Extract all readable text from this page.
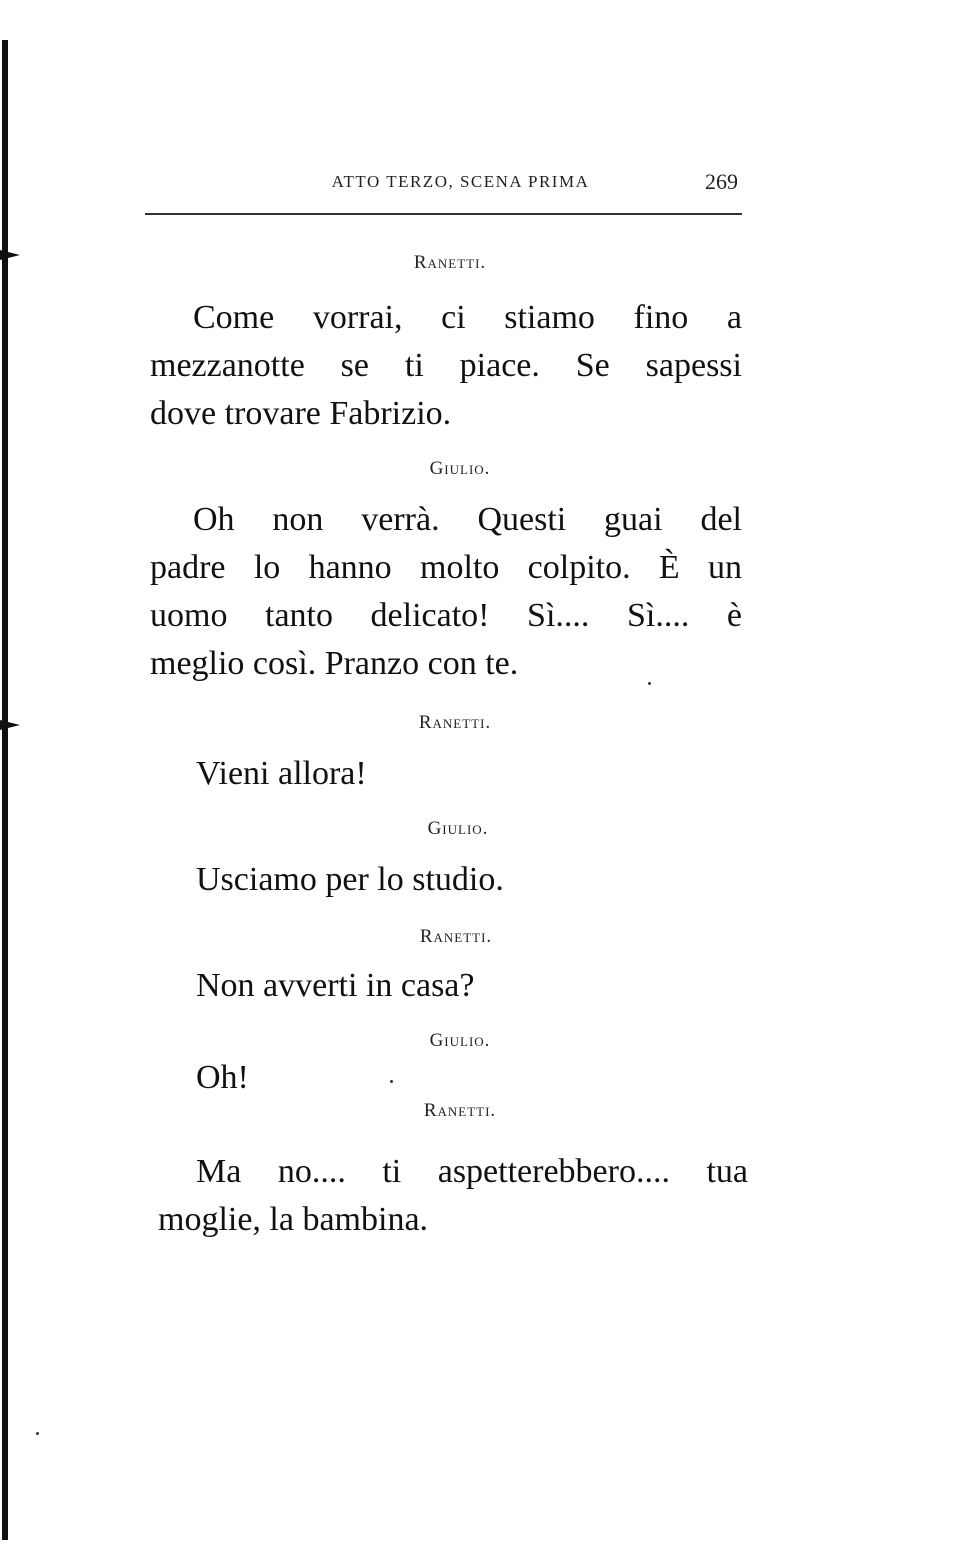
ATTO TERZO, SCENA PRIMA	269
Ranetti.
Come vorrai, ci stiamo fino a
mezzanotte se ti piace. Se sapessi
dove trovare Fabrizio.
Giulio.
Oh non verrà. Questi guai del
padre lo hanno molto colpito. È un
uomo tanto delicato! Sì.... Sì.... è
meglio così. Pranzo con te.
Ranetti.
Vieni allora!
Giulio.
Usciamo per lo studio.
Ranetti.
Non avverti in casa?
Giulio.
Oh!
Ranetti.
Ma no.... ti aspetterebbero.... tua
moglie, la bambina.
